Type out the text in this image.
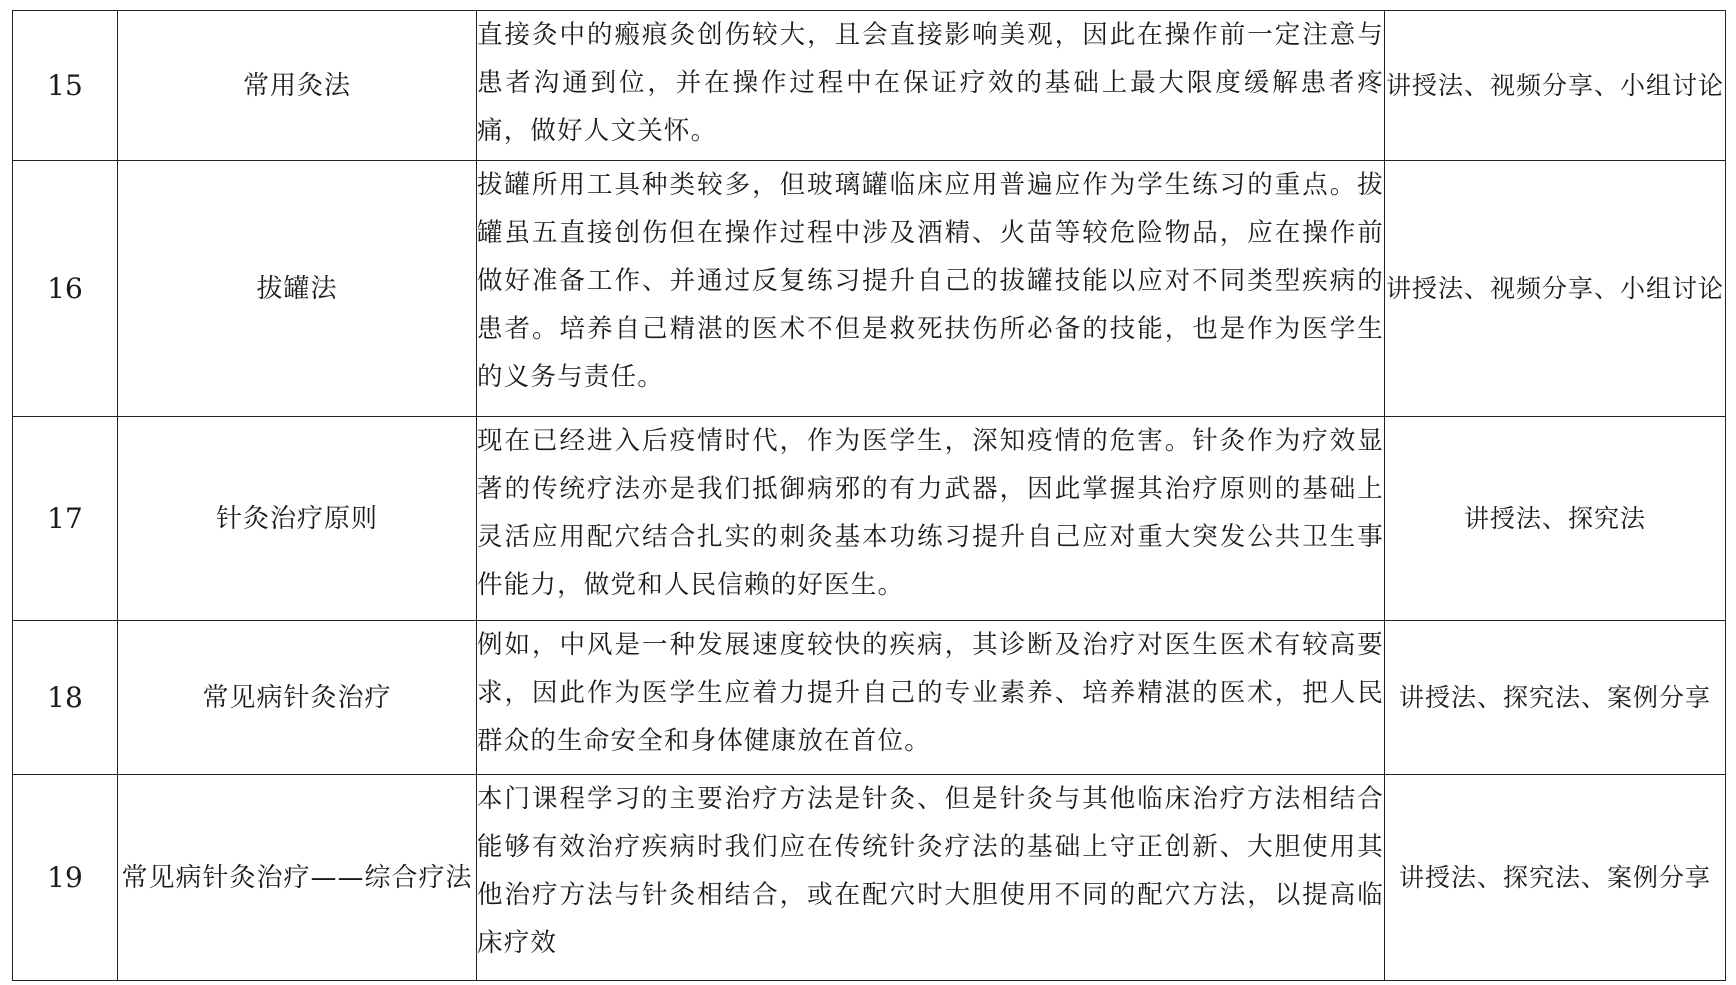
15	常用灸法	直接灸中的瘢痕灸创伤较大，且会直接影响美观，因此在操作前一定注意与患者沟通到位，并在操作过程中在保证疗效的基础上最大限度缓解患者疼痛，做好人文关怀。	讲授法、视频分享、小组讨论
16	拔罐法	拔罐所用工具种类较多，但玻璃罐临床应用普遍应作为学生练习的重点。拔罐虽五直接创伤但在操作过程中涉及酒精、火苗等较危险物品，应在操作前做好准备工作、并通过反复练习提升自己的拔罐技能以应对不同类型疾病的患者。培养自己精湛的医术不但是救死扶伤所必备的技能，也是作为医学生的义务与责任。	讲授法、视频分享、小组讨论
17	针灸治疗原则	现在已经进入后疫情时代，作为医学生，深知疫情的危害。针灸作为疗效显著的传统疗法亦是我们抵御病邪的有力武器，因此掌握其治疗原则的基础上灵活应用配穴结合扎实的刺灸基本功练习提升自己应对重大突发公共卫生事件能力，做党和人民信赖的好医生。	讲授法、探究法
18	常见病针灸治疗	例如，中风是一种发展速度较快的疾病，其诊断及治疗对医生医术有较高要求，因此作为医学生应着力提升自己的专业素养、培养精湛的医术，把人民群众的生命安全和身体健康放在首位。	讲授法、探究法、案例分享
19	常见病针灸治疗——综合疗法	本门课程学习的主要治疗方法是针灸、但是针灸与其他临床治疗方法相结合能够有效治疗疾病时我们应在传统针灸疗法的基础上守正创新、大胆使用其他治疗方法与针灸相结合，或在配穴时大胆使用不同的配穴方法，以提高临床疗效	讲授法、探究法、案例分享
